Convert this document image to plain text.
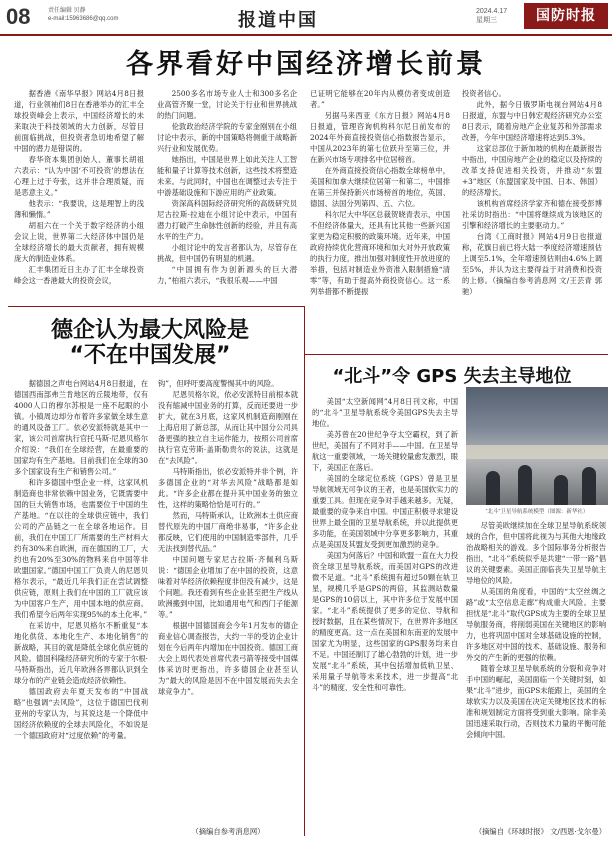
08	责任编辑 贝静
e-mail:15963686@qq.com	报道中国	2024.4.17
星期三	国防时报
各界看好中国经济增长前景

据香港《南华早报》网站4月8日报道，行业领袖们8日在香港举办的汇丰全球投资峰会上表示，中国经济增长的未来取决于科技领域的大力创新，尽管目前面临挑战，但投资者急切地希望了解中国的潜力是错误的。

春华资本集团创始人、董事长胡祖六表示：“认为中国‘不可投资’的想法在心理上过于夸张，这并非合理质疑，而是恶意主义。”

他表示：“我要说，这是理智上的浅薄和懒惰。”

胡祖六在一个关于数字经济的小组会议上说，世界第二大经济体中国仍是全球经济增长的最大贡献者，拥有规模庞大的制造业体系。

汇丰集团近日主办了汇丰全球投资峰会这一香港最大的投资会议，

2500多名市场专业人士和300多名企业高管齐聚一堂，讨论关于行业和世界挑战的热门问题。

伦敦政治经济学院的专家金刚别在小组讨论中表示，新的中国策略将侧重于战略新兴行业和发展优势。

她指出，中国是世界上如此关注人工智能和量子计算等技术创新，这些技术将塑造未来。与此同时，中国也在调整过去专注于中游基础设施和下游应用的产业政策。

资深高科国际经济研究所的高级研究员尼古拉斯·拉迪在小组讨论中表示，中国有潜力打破产生命脉性创新的经验，并且有高水平的生产力。

小组讨论中的发言者都认为，尽管存在挑战，但中国仍有明显的机遇。

“中国拥有作为创新源头的巨大潜力，”柏祖六表示，“我很乐观——中国

已证明它能够在20年内从模仿者变成创造者。”

另据马来西亚《东方日报》网站4月8日报道，管理咨询机构科尔尼日前发布的2024年外商直接投资信心指数报告显示，中国从2023年的第七位跃升至第三位，并在新兴市场专项排名中位居榜首。

在外商直接投资信心指数全球榜单中，美国和加拿大继续位居第一和第二，中国排在第三并保持新兴市场榜首的地位，英国、德国、法国分列第四、五、六位。

科尔尼大中华区总裁贺晓青表示，中国不但经济体量大，还具有比其他一些新兴国家更为稳定积极的政策环境。近年来，中国政府持续优化营商环境和加大对外开放政策的执行力度，推出加强对制度性开放进度的举措，包括对制造业外资准入限制措施“清零”等，有助于提高外商投资信心。这一系列举措都不断提振

投资者信心。

此外，据今日俄罗斯电视台网站4月8日报道，东盟与中日韩宏观经济研究办公室8日表示，随着房地产企业复苏和外部需求改善，今年中国经济增速将达到5.3%。

这家总部位于新加坡的机构在最新报告中指出，中国房地产企业的稳定以及持续的改革支持促进相关投资，并推动“东盟+3”地区（东盟国家及中国、日本、韩国）的经济增长。

该机构首席经济学家齐和德在接受彭博社采访时指出：“中国将继续成为该地区的引擎和经济增长的主要驱动力。”

台湾《工商时报》网站4月9日也报道称，花旗日前已将大陆一季度经济增速预估上调至5.1%，全年增速预估则由4.6%上调至5%，并认为这主要得益于对消费和投资的上修。（摘编自参考消息网 文/王芸青 郭驰）

德企认为最大风险是
“不在中国发展”

据德国之声电台网站4月8日报道，在德国西南部弗兰肯地区的丘陵地带，仅有4000人口的穆尔苏根是一座不起眼的小镇。小镇周边却分布着许多家做全球生意的通风设备工厂。依必安派特就是其中一家，该公司首席执行官托马斯·尼恩贝格尔介绍说：“我们在全球经营，在最重要的国家均有生产基地。目前我们在全球的30多个国家设有生产和销售公司。”

和许多德国中型企业一样，这家风机制造商也非常依赖中国业务，它既需要中国的巨大销售市场，也需要位于中国的生产基地。“在以往的全球供应链中，我们公司的产品链之一在全球各地运作。目前，我们在中国工厂所需要的生产材料大约有30%来自欧洲，而在德国的工厂，大约也有20%至30%的物料来自中国等非欧盟国家。”德国中国工厂负责人的尼恩贝格尔表示，“最近几年我们正在尝试调整供应链，原则上我们在中国的工厂就应该为中国客户生产，用中国本地的供应商。我们希望今后两年实现95%的本土化率。”

在采访中，尼恩贝格尔不断重复“本地化供货、本地化生产、本地化销售”的新战略，其目的就是降低全球化供应链的风险。德国科隆经济研究所的专家于尔根·马特斯指出，近几年欧洲各界都认识到全球分布的产业链会造成经济依赖性。

德国政府去年夏天发布的“中国战略”也强调“去风险”，这位于德国巴伐利亚州的专家认为，与其说这是一个降低中国经济依赖度的全球去风险化，不如说是一个德国政府对“过度依赖”的考量。

钩”，但呼吁要高度警惕其中的风险。

尼恩贝格尔说，依必安派特目前根本就没有缩减中国业务的打算，反而还要进一步扩大，就在3月底，这家风机制造商刚刚在上海启用了新总部，从而让其中国分公司具备更强的独立自主运作能力，按照公司首席执行官克劳斯·盖斯勒贵尔的说法，这就是在“去风险”。

马特斯指出，依必安派特并非个例，许多德国企业的“对华去风险”战略都是如此。“许多企业都在提升其中国业务的独立性，这样的策略恰恰是可行的。”

然而，马特斯承认，让欧洲本土供应商替代原先的中国厂商绝非易事，“许多企业都反映，它们使用的中国制造零部件，几乎无法找到替代品。”

中国问题专家尼古拉斯·齐佩利乌斯说：“德国企业增加了在中国的投资，这意味着对华经济依赖程度非但没有减少，这是个问题。我还看到有些企业甚至把生产线从欧洲搬到中国，比如通用电气和西门子能源等。”

根据中国德国商会今年1月发布的德企商业信心调查报告，大约一半的受访企业计划在今后两年内增加在中国投资。德国工商大会上周代表处首席代表弓箭等接受中国媒体采访时更指出，许多德国企业甚至认为“最大的风险是因不在中国发展而失去全球竞争力”。

（摘编自参考消息网）
“北斗”令 GPS 失去主导地位

美国“太空新闻网”4月8日刊文称，中国的“北斗”卫星导航系统令美国GPS失去主导地位。

美苏曾在20世纪争夺太空霸权，到了新世纪，美国有了不同对手——中国。在卫星导航这一重要领域，一场关键较量愈发激烈，眼下，美国正在落后。

美国的全球定位系统（GPS）曾是卫星导航领域无可争议的王者，也是美国软实力的重要工具。但现在竞争对手越来越多。无疑，最重要的竞争来自中国。中国正积极寻求建设世界上最全面的卫星导航系统，并以此提供更多功能，在美国领域中分享更多影响力，其重点是美国及其盟友受到更加激烈的竞争。

美国为何落后？中国和欧盟一直在大力投资全球卫星导航系统，而美国对GPS的改进微不足道。“北斗”系统拥有超过50颗在轨卫星，规模几乎是GPS的两倍，其监测站数量是GPS的10倍以上，其中许多位于发展中国家。“北斗”系统提供了更多的定位、导航和授时数据，且在某些情况下，在世界许多地区的精度更高。这一点在美国和东南亚的发展中国家尤为明显，这些国家的GPS服务均来自不足。中国还制订了雄心勃勃的计划，进一步发展“北斗”系统，其中包括增加低轨卫星、采用量子导航等未来技术，进一步提高“北斗”的精度、安全性和可靠性。

“北斗”卫星导航系统模型（图源：新华社）

尽管美欧继续加在全球卫星导航系统领域的合作，但中国将此视为与其他大地缘政治战略相关的游戏。多个国际事务分析报告指出，“北斗”系统似乎是共建“一带一路”倡议的关键要素。美国正面临丧失卫星导航主导地位的风险。

从美国的角度看，中国的“太空丝绸之路”或“太空信息走廊”构成重大风险。主要担忧是“北斗”取代GPS成为主要的全球卫星导航服务商，将削弱美国在关键地区的影响力，也将巩固中国对全球基础设施的控制，许多地区对中国的技术、基础设施、服务和外交的产生新的更强的依赖。

随着全球卫星导航系统的分裂和竞争对手中国的崛起，美国面临一个关键时刻，如果“北斗”进步，而GPS未能跟上，美国的全球软实力以及美国在决定关键地区技术的标准和规划制定方面将受到重大影响。除非美国迅速采取行动，否则技术力量的平衡可能会倾向中国。

（摘编自《环球时报》 文/西恩·戈尔曼）
